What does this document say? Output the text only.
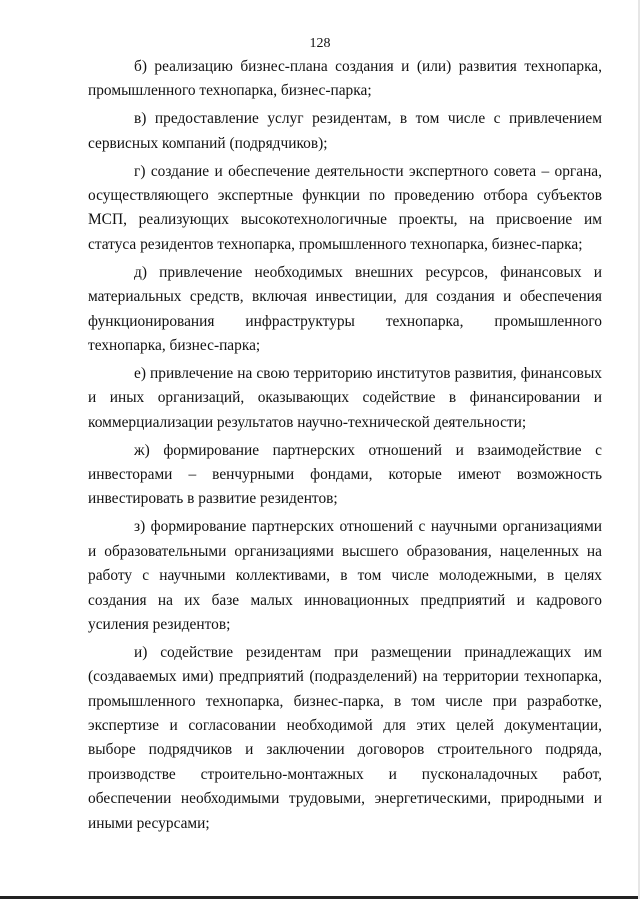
128

б) реализацию бизнес-плана создания и (или) развития технопарка, промышленного технопарка, бизнес-парка;

в) предоставление услуг резидентам, в том числе с привлечением сервисных компаний (подрядчиков);

г) создание и обеспечение деятельности экспертного совета – органа, осуществляющего экспертные функции по проведению отбора субъектов МСП, реализующих высокотехнологичные проекты, на присвоение им статуса резидентов технопарка, промышленного технопарка, бизнес-парка;

д) привлечение необходимых внешних ресурсов, финансовых и материальных средств, включая инвестиции, для создания и обеспечения функционирования инфраструктуры технопарка, промышленного технопарка, бизнес-парка;

е) привлечение на свою территорию институтов развития, финансовых и иных организаций, оказывающих содействие в финансировании и коммерциализации результатов научно-технической деятельности;

ж) формирование партнерских отношений и взаимодействие с инвесторами – венчурными фондами, которые имеют возможность инвестировать в развитие резидентов;

з) формирование партнерских отношений с научными организациями и образовательными организациями высшего образования, нацеленных на работу с научными коллективами, в том числе молодежными, в целях создания на их базе малых инновационных предприятий и кадрового усиления резидентов;

и) содействие резидентам при размещении принадлежащих им (создаваемых ими) предприятий (подразделений) на территории технопарка, промышленного технопарка, бизнес-парка, в том числе при разработке, экспертизе и согласовании необходимой для этих целей документации, выборе подрядчиков и заключении договоров строительного подряда, производстве строительно-монтажных и пусконаладочных работ, обеспечении необходимыми трудовыми, энергетическими, природными и иными ресурсами;
